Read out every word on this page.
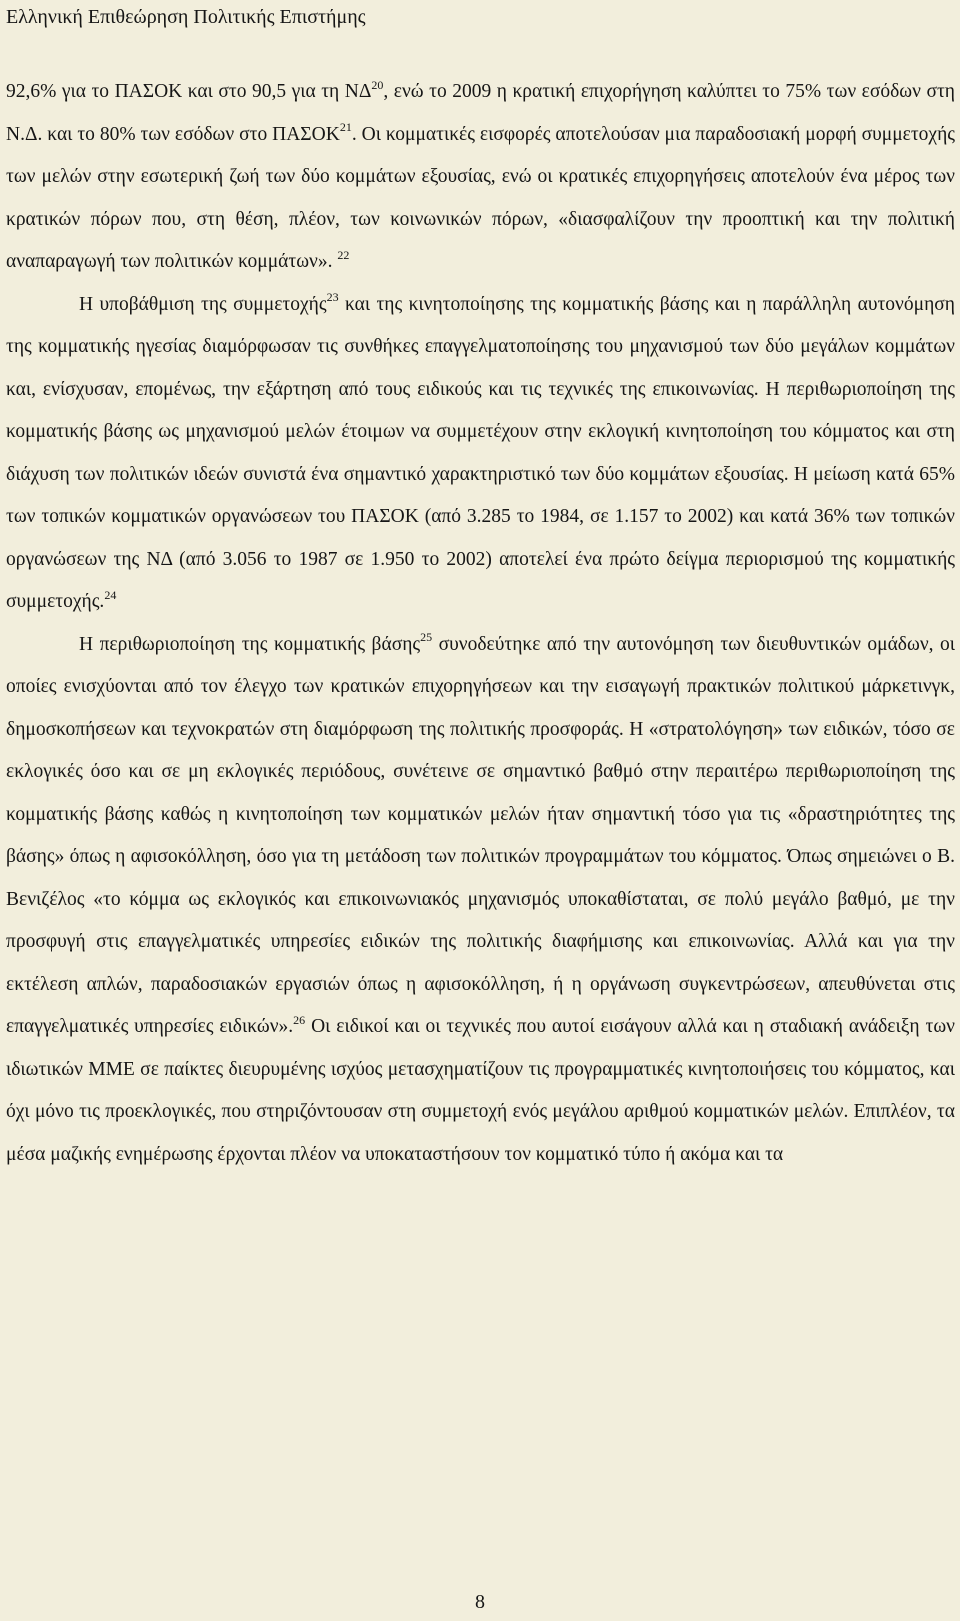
Ελληνική Επιθεώρηση Πολιτικής Επιστήμης

92,6% για το ΠΑΣΟΚ και στο 90,5 για τη ΝΔ$^{20}$, ενώ το 2009 η κρατική επιχορήγηση καλύπτει το 75% των εσόδων στη Ν.Δ. και το 80% των εσόδων στο ΠΑΣΟΚ$^{21}$. Οι κομματικές εισφορές αποτελούσαν μια παραδοσιακή μορφή συμμετοχής των μελών στην εσωτερική ζωή των δύο κομμάτων εξουσίας, ενώ οι κρατικές επιχορηγήσεις αποτελούν ένα μέρος των κρατικών πόρων που, στη θέση, πλέον, των κοινωνικών πόρων, «διασφαλίζουν την προοπτική και την πολιτική αναπαραγωγή των πολιτικών κομμάτων». $^{22}$

Η υποβάθμιση της συμμετοχής$^{23}$ και της κινητοποίησης της κομματικής βάσης και η παράλληλη αυτονόμηση της κομματικής ηγεσίας διαμόρφωσαν τις συνθήκες επαγγελματοποίησης του μηχανισμού των δύο μεγάλων κομμάτων και, ενίσχυσαν, επομένως, την εξάρτηση από τους ειδικούς και τις τεχνικές της επικοινωνίας. Η περιθωριοποίηση της κομματικής βάσης ως μηχανισμού μελών έτοιμων να συμμετέχουν στην εκλογική κινητοποίηση του κόμματος και στη διάχυση των πολιτικών ιδεών συνιστά ένα σημαντικό χαρακτηριστικό των δύο κομμάτων εξουσίας. Η μείωση κατά 65% των τοπικών κομματικών οργανώσεων του ΠΑΣΟΚ (από 3.285 το 1984, σε 1.157 το 2002) και κατά 36% των τοπικών οργανώσεων της ΝΔ (από 3.056 το 1987 σε 1.950 το 2002) αποτελεί ένα πρώτο δείγμα περιορισμού της κομματικής συμμετοχής.$^{24}$

Η περιθωριοποίηση της κομματικής βάσης$^{25}$ συνοδεύτηκε από την αυτονόμηση των διευθυντικών ομάδων, οι οποίες ενισχύονται από τον έλεγχο των κρατικών επιχορηγήσεων και την εισαγωγή πρακτικών πολιτικού μάρκετινγκ, δημοσκοπήσεων και τεχνοκρατών στη διαμόρφωση της πολιτικής προσφοράς. Η «στρατολόγηση» των ειδικών, τόσο σε εκλογικές όσο και σε μη εκλογικές περιόδους, συνέτεινε σε σημαντικό βαθμό στην περαιτέρω περιθωριοποίηση της κομματικής βάσης καθώς η κινητοποίηση των κομματικών μελών ήταν σημαντική τόσο για τις «δραστηριότητες της βάσης» όπως η αφισοκόλληση, όσο για τη μετάδοση των πολιτικών προγραμμάτων του κόμματος. Όπως σημειώνει ο Β. Βενιζέλος «το κόμμα ως εκλογικός και επικοινωνιακός μηχανισμός υποκαθίσταται, σε πολύ μεγάλο βαθμό, με την προσφυγή στις επαγγελματικές υπηρεσίες ειδικών της πολιτικής διαφήμισης και επικοινωνίας. Αλλά και για την εκτέλεση απλών, παραδοσιακών εργασιών όπως η αφισοκόλληση, ή η οργάνωση συγκεντρώσεων, απευθύνεται στις επαγγελματικές υπηρεσίες ειδικών».$^{26}$ Οι ειδικοί και οι τεχνικές που αυτοί εισάγουν αλλά και η σταδιακή ανάδειξη των ιδιωτικών ΜΜΕ σε παίκτες διευρυμένης ισχύος μετασχηματίζουν τις προγραμματικές κινητοποιήσεις του κόμματος, και όχι μόνο τις προεκλογικές, που στηριζόντουσαν στη συμμετοχή ενός μεγάλου αριθμού κομματικών μελών. Επιπλέον, τα μέσα μαζικής ενημέρωσης έρχονται πλέον να υποκαταστήσουν τον κομματικό τύπο ή ακόμα και τα

8
